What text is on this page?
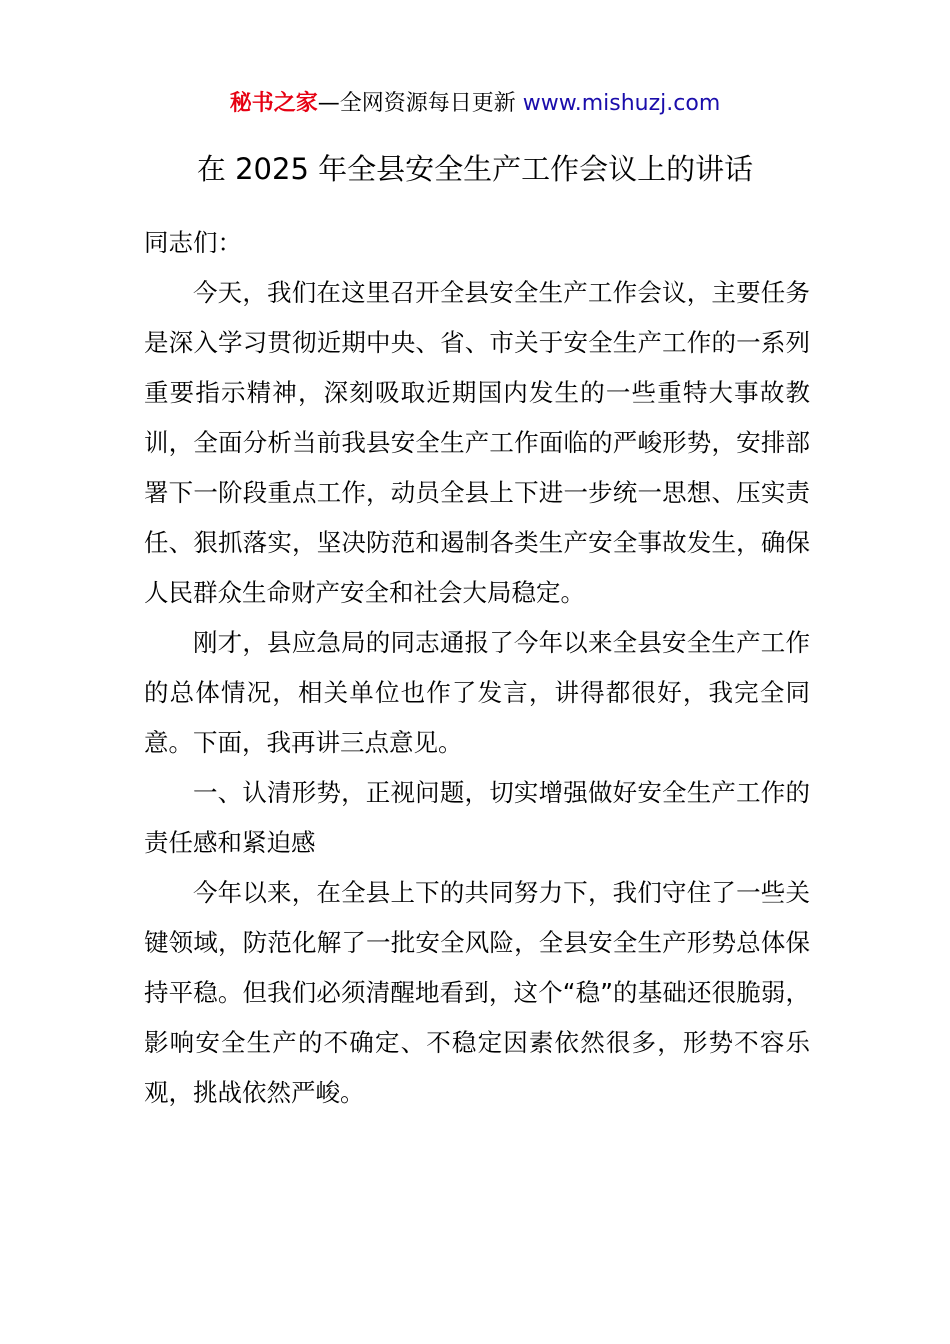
秘书之家—全网资源每日更新 www.mishuzj.com
在 2025 年全县安全生产工作会议上的讲话

同志们：

今天，我们在这里召开全县安全生产工作会议，主要任务是深入学习贯彻近期中央、省、市关于安全生产工作的一系列重要指示精神，深刻吸取近期国内发生的一些重特大事故教训，全面分析当前我县安全生产工作面临的严峻形势，安排部署下一阶段重点工作，动员全县上下进一步统一思想、压实责任、狠抓落实，坚决防范和遏制各类生产安全事故发生，确保人民群众生命财产安全和社会大局稳定。

刚才，县应急局的同志通报了今年以来全县安全生产工作的总体情况，相关单位也作了发言，讲得都很好，我完全同意。下面，我再讲三点意见。

一、认清形势，正视问题，切实增强做好安全生产工作的责任感和紧迫感

今年以来，在全县上下的共同努力下，我们守住了一些关键领域，防范化解了一批安全风险，全县安全生产形势总体保持平稳。但我们必须清醒地看到，这个“稳”的基础还很脆弱，影响安全生产的不确定、不稳定因素依然很多，形势不容乐观，挑战依然严峻。
